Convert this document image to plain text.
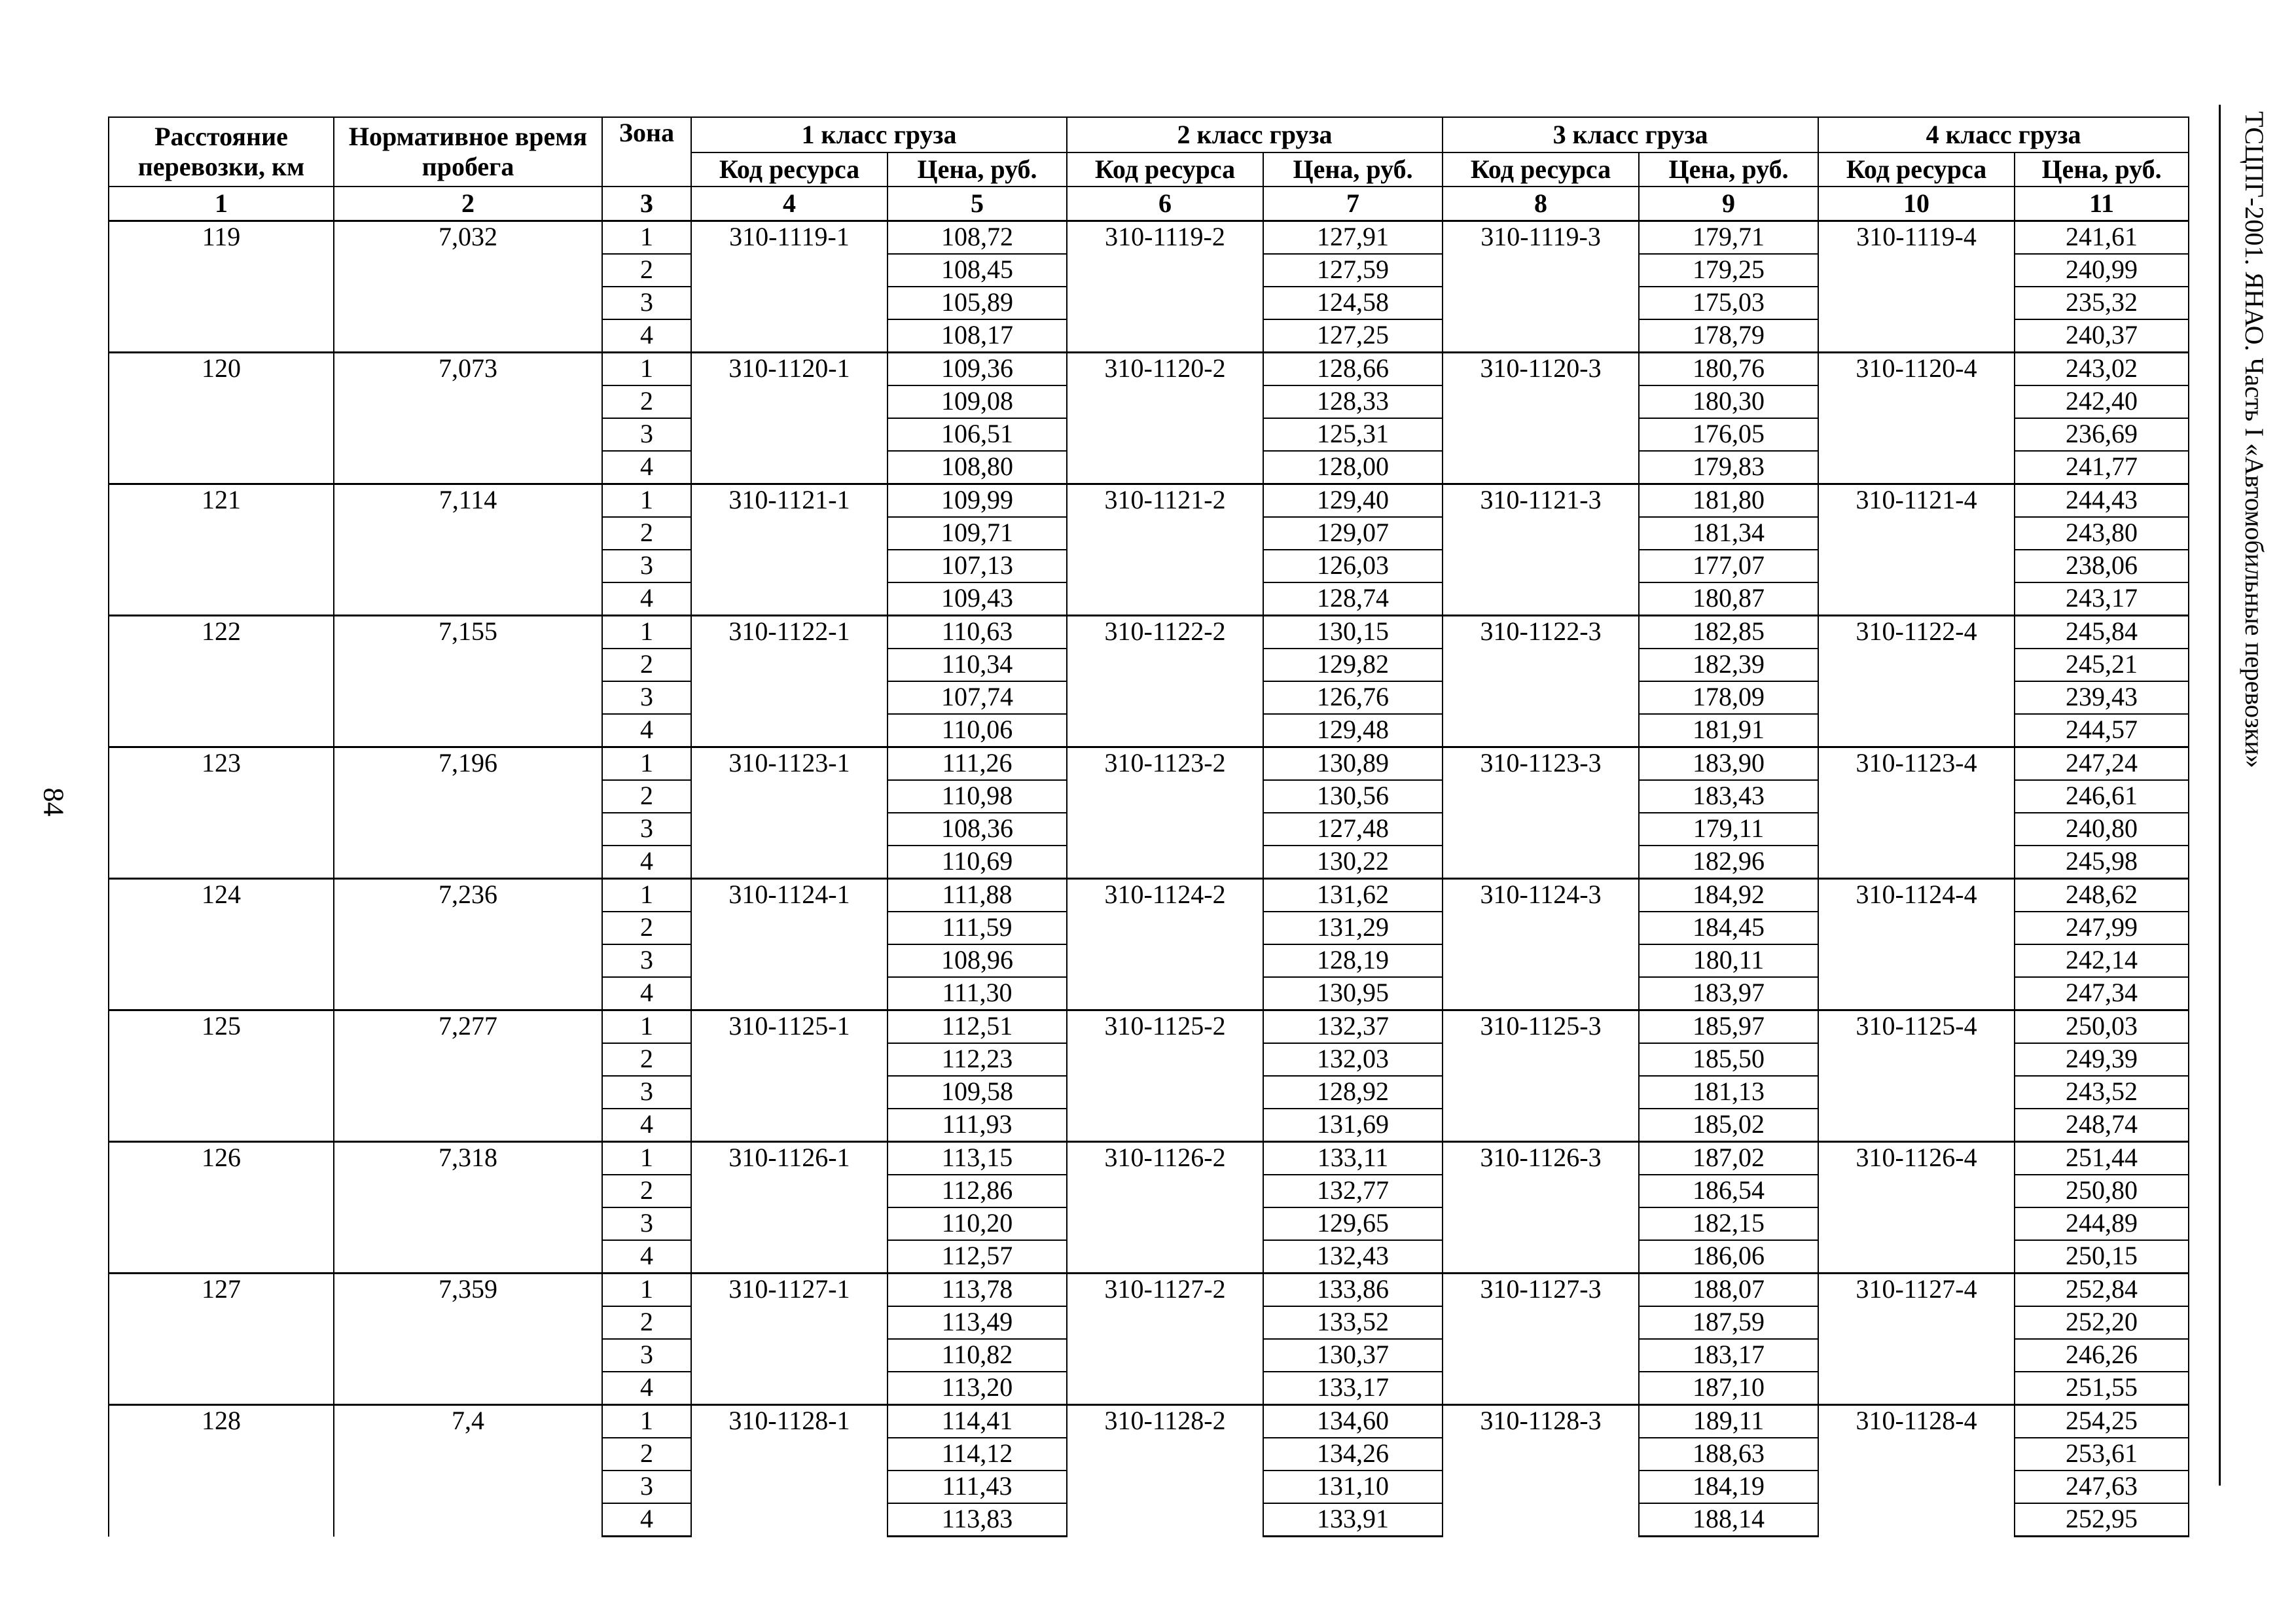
84
ТСЦПГ-2001. ЯНАО. Часть I «Автомобильные перевозки»
Расстояние перевозки, км	Нормативное время пробега	Зона	1 класс груза		2 класс груза		3 класс груза		4 класс груза	
			Код ресурса	Цена, руб.	Код ресурса	Цена, руб.	Код ресурса	Цена, руб.	Код ресурса	Цена, руб.
1	2	3	4	5	6	7	8	9	10	11
119	7,032	1	310-1119-1	108,72	310-1119-2	127,91	310-1119-3	179,71	310-1119-4	241,61
		2		108,45		127,59		179,25		240,99
		3		105,89		124,58		175,03		235,32
		4		108,17		127,25		178,79		240,37
120	7,073	1	310-1120-1	109,36	310-1120-2	128,66	310-1120-3	180,76	310-1120-4	243,02
		2		109,08		128,33		180,30		242,40
		3		106,51		125,31		176,05		236,69
		4		108,80		128,00		179,83		241,77
121	7,114	1	310-1121-1	109,99	310-1121-2	129,40	310-1121-3	181,80	310-1121-4	244,43
		2		109,71		129,07		181,34		243,80
		3		107,13		126,03		177,07		238,06
		4		109,43		128,74		180,87		243,17
122	7,155	1	310-1122-1	110,63	310-1122-2	130,15	310-1122-3	182,85	310-1122-4	245,84
		2		110,34		129,82		182,39		245,21
		3		107,74		126,76		178,09		239,43
		4		110,06		129,48		181,91		244,57
123	7,196	1	310-1123-1	111,26	310-1123-2	130,89	310-1123-3	183,90	310-1123-4	247,24
		2		110,98		130,56		183,43		246,61
		3		108,36		127,48		179,11		240,80
		4		110,69		130,22		182,96		245,98
124	7,236	1	310-1124-1	111,88	310-1124-2	131,62	310-1124-3	184,92	310-1124-4	248,62
		2		111,59		131,29		184,45		247,99
		3		108,96		128,19		180,11		242,14
		4		111,30		130,95		183,97		247,34
125	7,277	1	310-1125-1	112,51	310-1125-2	132,37	310-1125-3	185,97	310-1125-4	250,03
		2		112,23		132,03		185,50		249,39
		3		109,58		128,92		181,13		243,52
		4		111,93		131,69		185,02		248,74
126	7,318	1	310-1126-1	113,15	310-1126-2	133,11	310-1126-3	187,02	310-1126-4	251,44
		2		112,86		132,77		186,54		250,80
		3		110,20		129,65		182,15		244,89
		4		112,57		132,43		186,06		250,15
127	7,359	1	310-1127-1	113,78	310-1127-2	133,86	310-1127-3	188,07	310-1127-4	252,84
		2		113,49		133,52		187,59		252,20
		3		110,82		130,37		183,17		246,26
		4		113,20		133,17		187,10		251,55
128	7,4	1	310-1128-1	114,41	310-1128-2	134,60	310-1128-3	189,11	310-1128-4	254,25
		2		114,12		134,26		188,63		253,61
		3		111,43		131,10		184,19		247,63
		4		113,83		133,91		188,14		252,95
